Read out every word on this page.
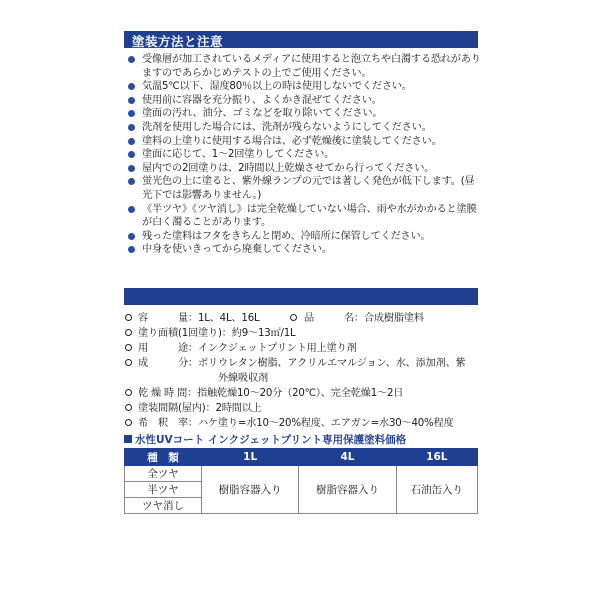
塗装方法と注意
受像層が加工されているメディアに使用すると泡立ちや白濁する恐れがありますのであらかじめテストの上でご使用ください。
気温5℃以下、湿度80％以上の時は使用しないでください。
使用前に容器を充分振り、よくかき混ぜてください。
塗面の汚れ、油分、ゴミなどを取り除いてください。
洗剤を使用した場合には、洗剤が残らないようにしてください。
塗料の上塗りに使用する場合は、必ず乾燥後に塗装してください。
塗面に応じて、1～2回塗りしてください。
屋内での2回塗りは、2時間以上乾燥させてから行ってください。
蛍光色の上に塗ると、紫外線ランプの元では著しく発色が低下します。(昼光下では影響ありません。)
《半ツヤ》《ツヤ消し》は完全乾燥していない場合、雨や水がかかると塗膜が白く濁ることがあります。
残った塗料はフタをきちんと閉め、冷暗所に保管してください。
中身を使いきってから廃棄してください。
容　　　量：1L、4L、16L	品　　　名：合成樹脂塗料
塗り面積(1回塗り)：約9～13㎡/1L
用　　　途：インクジェットプリント用上塗り剤
成　　　分：ポリウレタン樹脂、アクリルエマルジョン、水、添加剤、紫
外線吸収剤
乾 燥 時 間：指触乾燥10～20分（20℃）、完全乾燥1～2日
塗装間隔(屋内)：2時間以上
希　釈　率：ハケ塗り=水10～20%程度、エアガン=水30～40%程度
水性UVコート インクジェットプリント専用保護塗料価格
種　類	1L	4L	16L
全ツヤ	樹脂容器入り	樹脂容器入り	石油缶入り
半ツヤ			
ツヤ消し			
